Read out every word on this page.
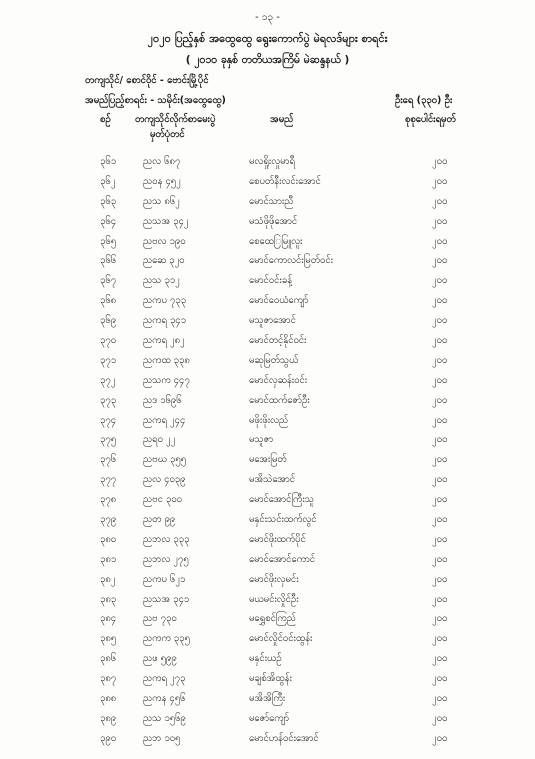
- ၁၃ -
၂၀၂၀ ပြည့်နှစ် အထွေထွေ ရွေးကောက်ပွဲ မဲရလဒ်များ စာရင်း
( ၂၀၁၀ ခုနှစ် တတိယအကြိမ် မဲဆန္ဒနယ် )
တကျသိုင်/ စောင်ဝိုင် - ဗောင်းမြို့ပိုင်
အမည်ပြည့်စာရင်း - သမိုင်း(အထွေထွေ)	ဦးရေ (၃၃၀) ဦး
စဉ်	တကျသိုင်လိုက်စာမေးပွဲ
မှတ်ပုံတင်
အမည်	စုစုပေါင်းရမှတ်
၃၆၁	ညလ ၆၈၇	မလရှိုးလှုမာရီ	၂၀၀
၃၆၂	ညဝန ၄၅၂	စေပတ်နီးလင်းအောင်	၂၀၀
၃၆၃	ညသ ၈၆၂	မောင်သားညီ	၂၀၀
၃၆၄	ညသအ ၃၄၂	မသံဖိုဖိုအောင်	၂၀၀
၃၆၅	ညဗလ ၁၉၀	စေထေြမြူလူး	၂၀၀
၃၆၆	ညဆေ ၃၂၀	မောင်ကောလင်းမြတ်ဝင်း	၂၀၀
၃၆၇	ညသ ၃၁၂	မောင်ဝင်းခန့်	၂၀၀
၃၆၈	ညကပ ၇၃၃	မောင်ဝေယံကျော်	၂၀၀
၃၆၉	ညကရ ၃၄၁	မသူဇာအောင်	၂၀၀
၃၇၀	ညကရ ၂၈၂	မောင်တင့်နိုင်ဝင်း	၂၀၀
၃၇၁	ညကထ ၃၃၈	မဆုမြတ်သွယ်	၂၀၀
၃၇၂	ညသက ၄၄၇	မောင်လှဆန်းဝင်း	၂၀၀
၃၇၃	ညဒ ၁၆၉၆	မောင်ထက်ဇော်ဦး	၂၀၀
၃၇၄	ညကရ ၂၄၄	မဖိုးဖိုးလည်	၂၀၀
၃၇၅	ညရ၀ ၂၂	မသူဇာ	၂၀၀
၃၇၆	ညဗဃ ၃၅၅	မအေးမြတ်	၂၀၀
၃၇၇	ညလ ၄၀၃၉	မအိသဲအောင်	၂၀၀
၃၇၈	ညဗင ၃၀၀	မောင်အောင်ကြီးသူ	၂၀၀
၃၇၉	ညတ ၉၉	မနှင်းသင်းထက်လွင်	၂၀၀
၃၈၀	ညဘလ ၃၃၃	မောင်ဖိုးထက်ပိုင်	၂၀၀
၃၈၁	ညဘလ ၂၇၅	မောင်အောင်ကောင်	၂၀၀
၃၈၂	ညကပ ၆၂၁	မောင်ဖိုးလှမင်း	၂၀၀
၃၈၃	ညသအ ၃၄၁	မယမင်းလှိုင်ဦး	၂၀၀
၃၈၄	ညဗ ၇၃၀	မရွှေစင်ကြည်	၂၀၀
၃၈၅	ညကက ၃၃၅	မောင်လှိုင်ဝင်းထွန်း	၂၀၀
၃၈၆	ညဖ ၅၉၉	မနှင်းယဥ်	၂၀၀
၃၈၇	ညကရ ၂၇၃	မချစ်အိထွန်း	၂၀၀
၃၈၈	ညကန ၄၅၆	မအိအိကြီး	၂၀၀
၃၈၉	ညသ ၁၅၆၉	မဇော်ကျော်	၂၀၀
၃၉၀	ညဘ ၁၀၅	မောင်ဟန်ဝင်းအောင်	၂၀၀
